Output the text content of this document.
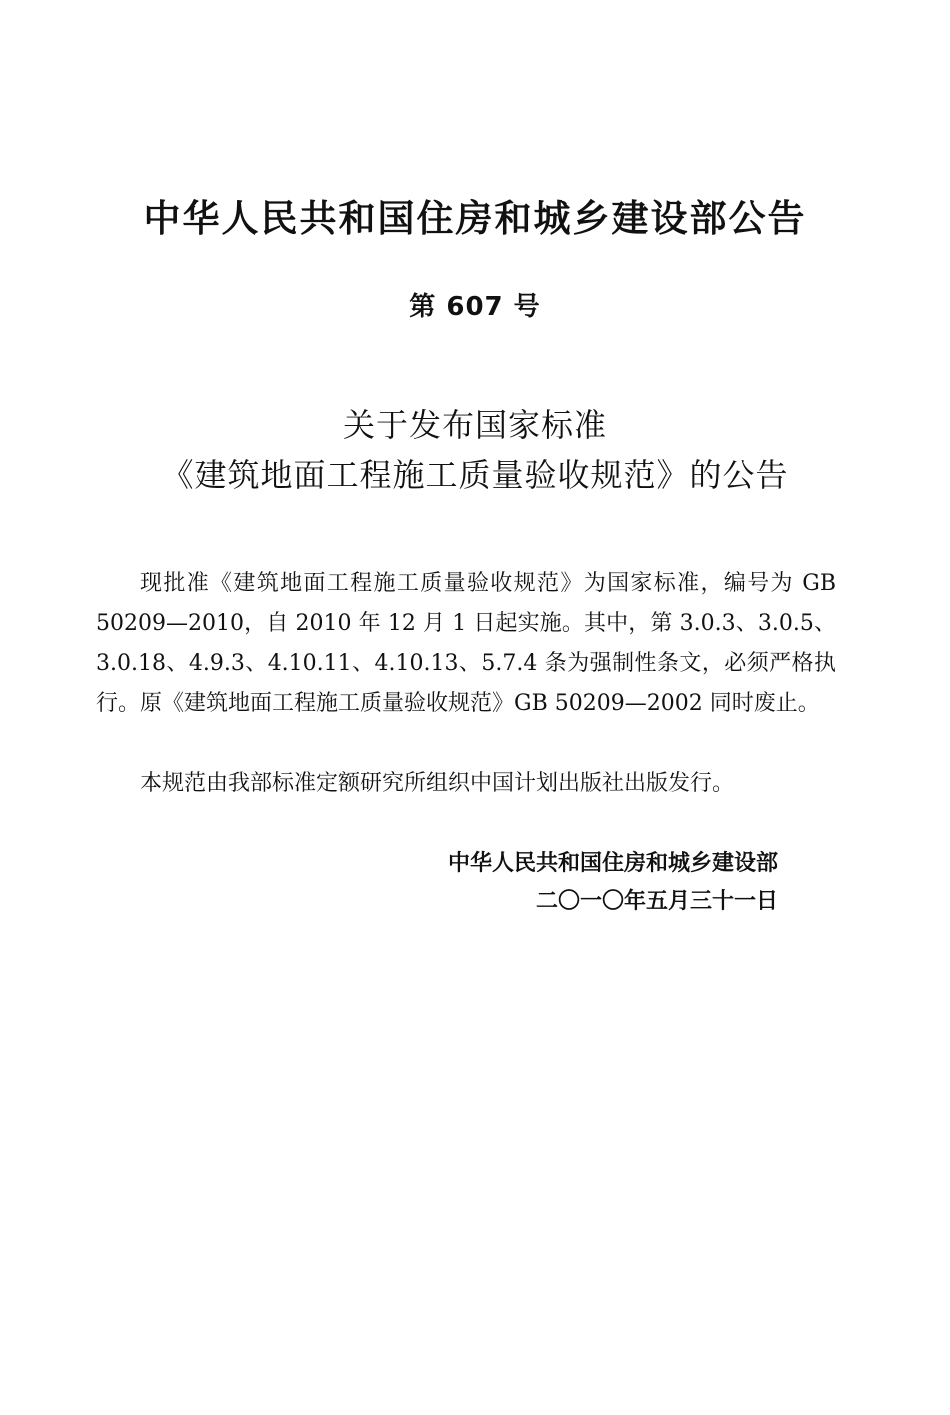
中华人民共和国住房和城乡建设部公告
第 607 号
关于发布国家标准
《建筑地面工程施工质量验收规范》的公告

现批准《建筑地面工程施工质量验收规范》为国家标准，编号为 GB 50209—2010，自 2010 年 12 月 1 日起实施。其中，第 3.0.3、3.0.5、3.0.18、4.9.3、4.10.11、4.10.13、5.7.4 条为强制性条文，必须严格执行。原《建筑地面工程施工质量验收规范》GB 50209—2002 同时废止。

本规范由我部标准定额研究所组织中国计划出版社出版发行。

中华人民共和国住房和城乡建设部
二〇一〇年五月三十一日
